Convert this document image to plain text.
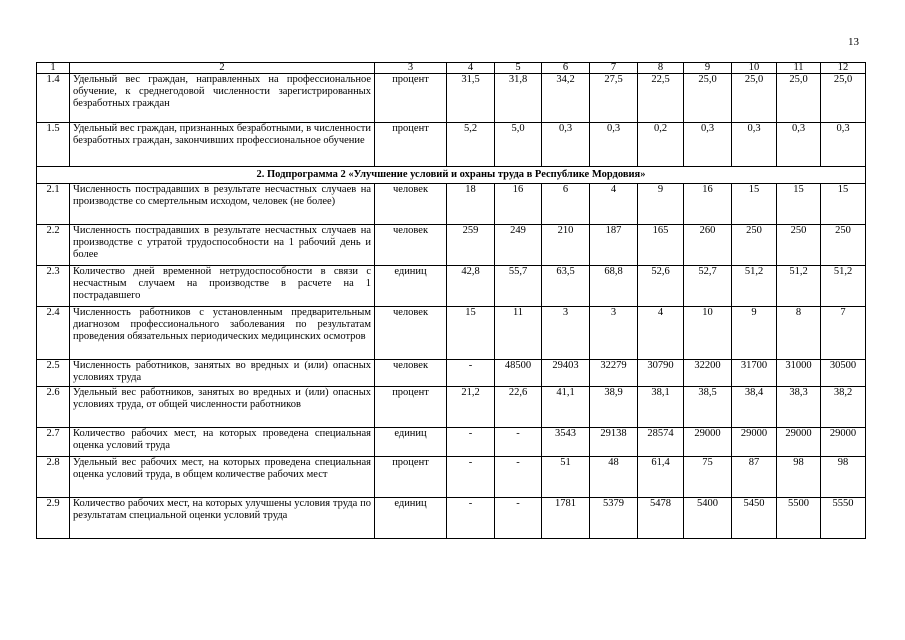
13
1	2	3	4	5	6	7	8	9	10	11	12
1.4	Удельный вес граждан, направленных на профессиональное обучение, к среднегодовой численности зарегистрированных безработных граждан	процент	31,5	31,8	34,2	27,5	22,5	25,0	25,0	25,0	25,0
1.5	Удельный вес граждан, признанных безработными, в численности безработных граждан, закончивших профессиональное обучение	процент	5,2	5,0	0,3	0,3	0,2	0,3	0,3	0,3	0,3
2. Подпрограмма 2 «Улучшение условий и охраны труда в Республике Мордовия»											
2.1	Численность пострадавших в результате несчастных случаев на производстве со смертельным исходом, человек (не более)	человек	18	16	6	4	9	16	15	15	15
2.2	Численность пострадавших в результате несчастных случаев на производстве с утратой трудоспособности на 1 рабочий день и более	человек	259	249	210	187	165	260	250	250	250
2.3	Количество дней временной нетрудоспособности в связи с несчастным случаем на производстве в расчете на 1 пострадавшего	единиц	42,8	55,7	63,5	68,8	52,6	52,7	51,2	51,2	51,2
2.4	Численность работников с установленным предварительным диагнозом профессионального заболевания по результатам проведения обязательных периодических медицинских осмотров	человек	15	11	3	3	4	10	9	8	7
2.5	Численность работников, занятых во вредных и (или) опасных условиях труда	человек	-	48500	29403	32279	30790	32200	31700	31000	30500
2.6	Удельный вес работников, занятых во вредных и (или) опасных условиях труда, от общей численности работников	процент	21,2	22,6	41,1	38,9	38,1	38,5	38,4	38,3	38,2
2.7	Количество рабочих мест, на которых проведена специальная оценка условий труда	единиц	-	-	3543	29138	28574	29000	29000	29000	29000
2.8	Удельный вес рабочих мест, на которых проведена специальная оценка условий труда, в общем количестве рабочих мест	процент	-	-	51	48	61,4	75	87	98	98
2.9	Количество рабочих мест, на которых улучшены условия труда по результатам специальной оценки условий труда	единиц	-	-	1781	5379	5478	5400	5450	5500	5550
